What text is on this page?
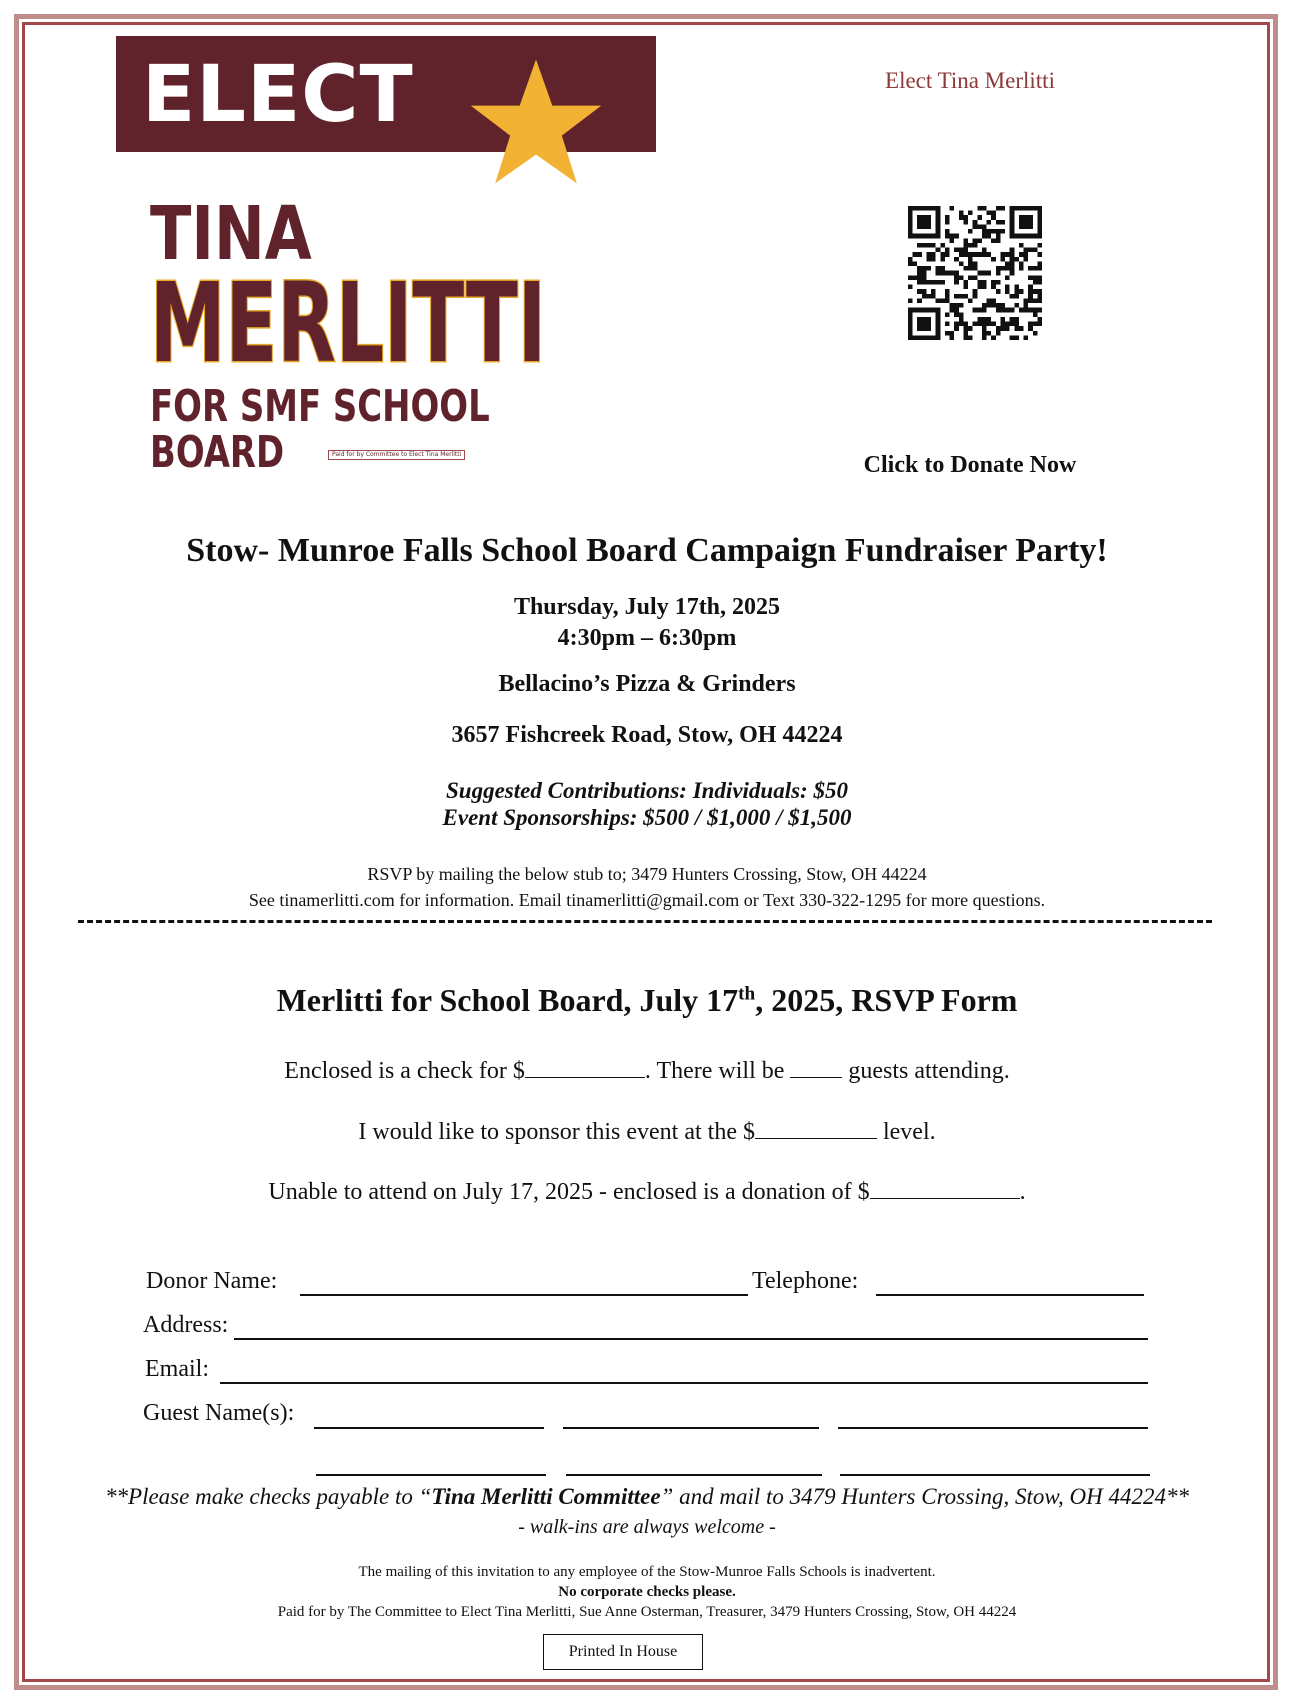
ELECT
TINA
MERLITTI
FOR SMF SCHOOL BOARD	Paid for by Committee to Elect Tina Merlitti
Elect Tina Merlitti
Click to Donate Now
Stow- Munroe Falls School Board Campaign Fundraiser Party!
Thursday, July 17th, 2025
4:30pm – 6:30pm
Bellacino’s Pizza & Grinders
3657 Fishcreek Road, Stow, OH 44224
Suggested Contributions: Individuals: $50
Event Sponsorships: $500 / $1,000 / $1,500
RSVP by mailing the below stub to; 3479 Hunters Crossing, Stow, OH 44224
See tinamerlitti.com for information. Email tinamerlitti@gmail.com or Text 330-322-1295 for more questions.
Merlitti for School Board, July 17th, 2025, RSVP Form
Enclosed is a check for $	. There will be	guests attending.
I would like to sponsor this event at the $	level.
Unable to attend on July 17, 2025 - enclosed is a donation of $	.
Donor Name:	Telephone:
Address:
Email:
Guest Name(s):
**Please make checks payable to “Tina Merlitti Committee” and mail to 3479 Hunters Crossing, Stow, OH 44224**
- walk-ins are always welcome -
The mailing of this invitation to any employee of the Stow-Munroe Falls Schools is inadvertent.
No corporate checks please.
Paid for by The Committee to Elect Tina Merlitti, Sue Anne Osterman, Treasurer, 3479 Hunters Crossing, Stow, OH 44224
Printed In House
